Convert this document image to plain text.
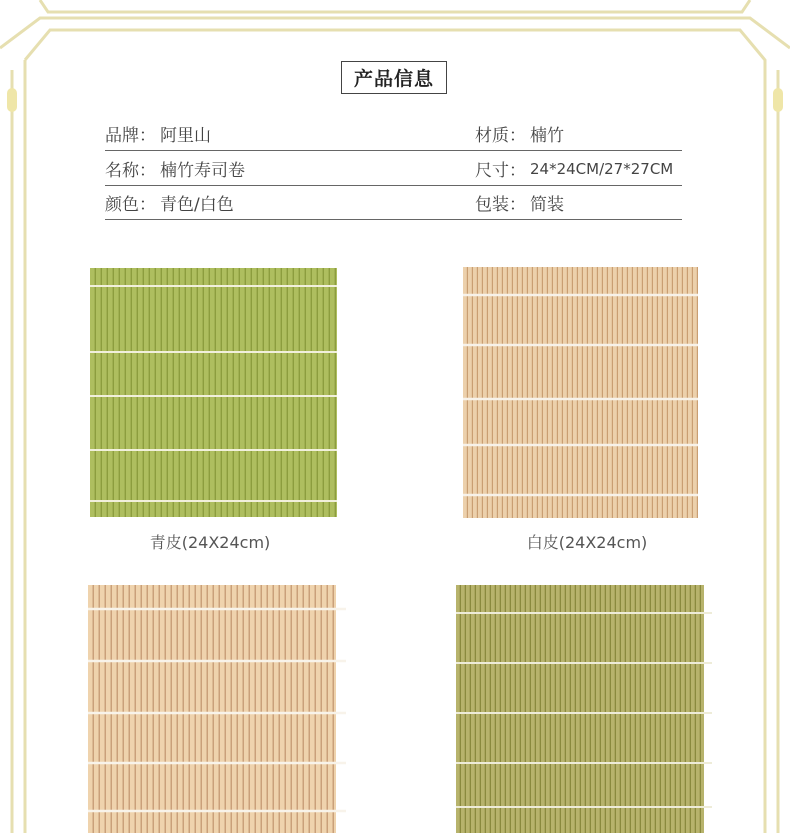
产品信息
品牌： 阿里山	材质： 楠竹
名称： 楠竹寿司卷	尺寸： 24*24CM/27*27CM
颜色： 青色/白色	包装： 简装
青皮(24X24cm)	白皮(24X24cm)
